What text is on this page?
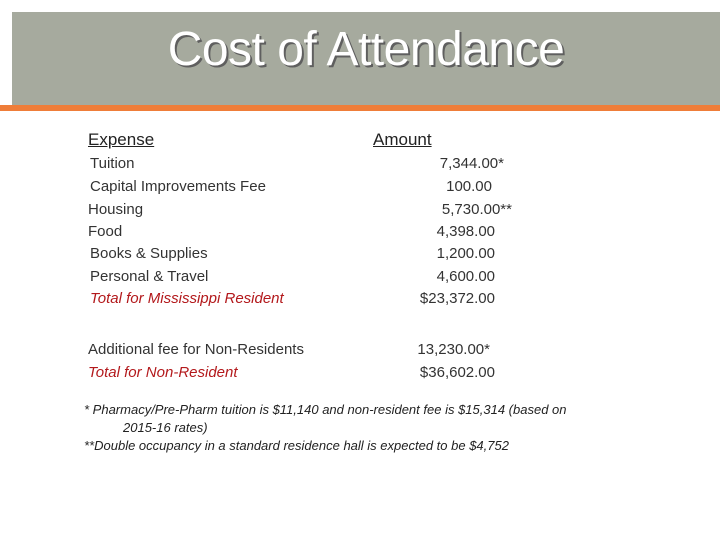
Cost of Attendance
Expense	Amount
Tuition	7,344.00*
Capital Improvements Fee	100.00
Housing	5,730.00**
Food	4,398.00
Books & Supplies	1,200.00
Personal & Travel	4,600.00
Total for Mississippi Resident	$23,372.00
Additional fee for Non-Residents	13,230.00*
Total for Non-Resident	$36,602.00
* Pharmacy/Pre-Pharm tuition is $11,140 and non-resident fee is $15,314 (based on
2015-16 rates)
**Double occupancy in a standard residence hall is expected to be $4,752
